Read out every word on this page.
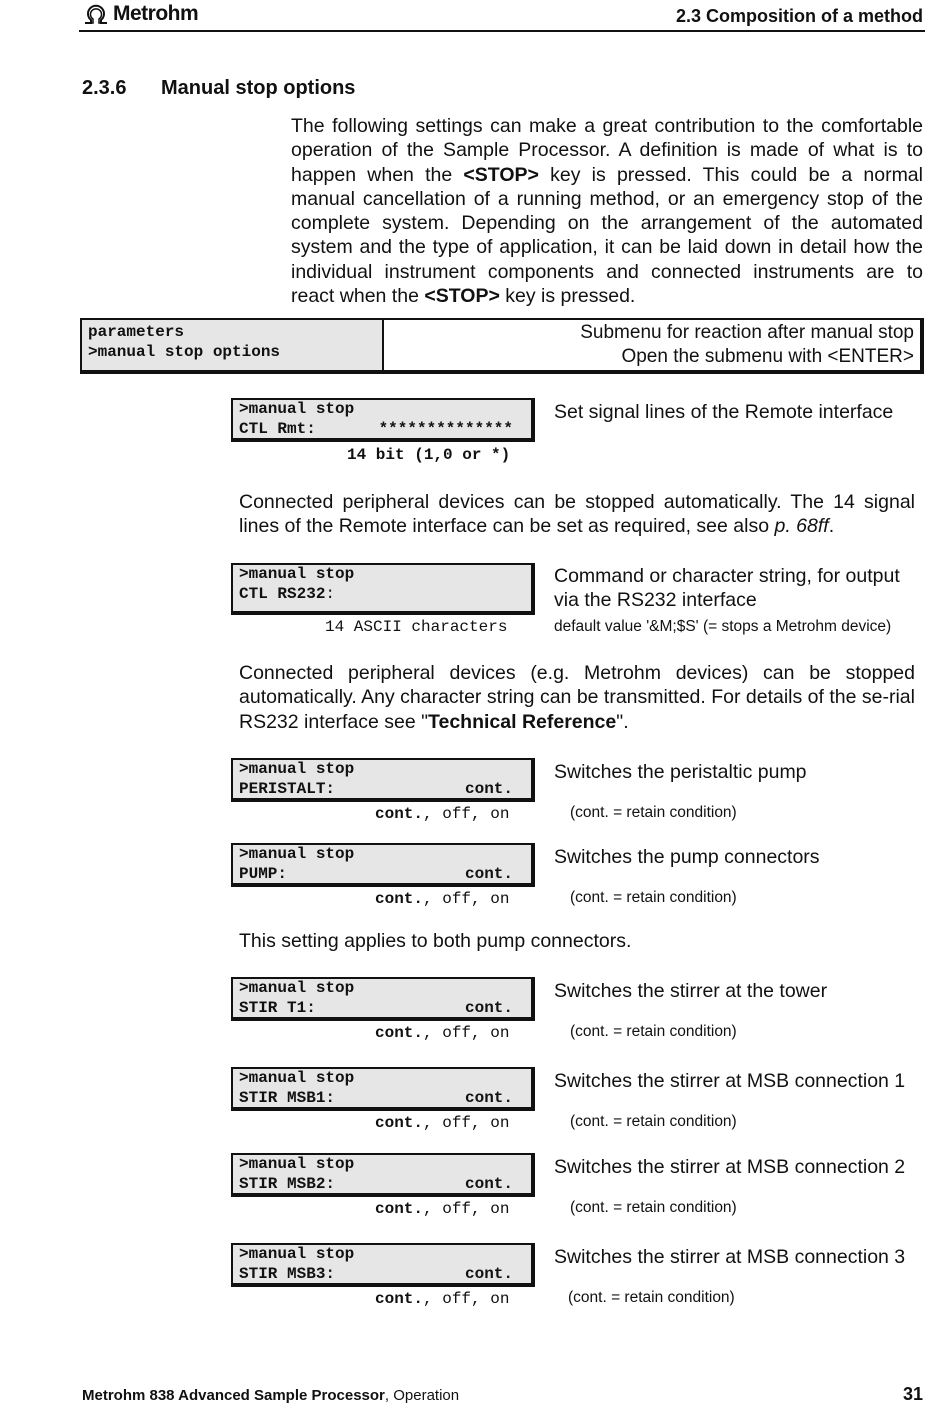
Metrohm	2.3 Composition of a method
2.3.6 Manual stop options
The following settings can make a great contribution to the comfortable operation of the Sample Processor. A definition is made of what is to happen when the <STOP> key is pressed. This could be a normal manual cancellation of a running method, or an emergency stop of the complete system. Depending on the arrangement of the automated system and the type of application, it can be laid down in detail how the individual instrument components and connected instruments are to react when the <STOP> key is pressed.
parameters
>manual stop options
Submenu for reaction after manual stop
Open the submenu with <ENTER>
>manual stop
CTL Rmt:	**************
14 bit (1,0 or *)
Set signal lines of the Remote interface
Connected peripheral devices can be stopped automatically. The 14 signal lines of the Remote interface can be set as required, see also p. 68ff.
>manual stop
CTL RS232:
14 ASCII characters
Command or character string, for output via the RS232 interface
default value '&M;$S' (= stops a Metrohm device)
Connected peripheral devices (e.g. Metrohm devices) can be stopped automatically. Any character string can be transmitted. For details of the se-rial RS232 interface see "Technical Reference".
>manual stop
PERISTALT:	cont.
cont., off, on
Switches the peristaltic pump
(cont. = retain condition)
>manual stop
PUMP:	cont.
cont., off, on
Switches the pump connectors
(cont. = retain condition)
This setting applies to both pump connectors.
>manual stop
STIR T1:	cont.
cont., off, on
Switches the stirrer at the tower
(cont. = retain condition)
>manual stop
STIR MSB1:	cont.
cont., off, on
Switches the stirrer at MSB connection 1
(cont. = retain condition)
>manual stop
STIR MSB2:	cont.
cont., off, on
Switches the stirrer at MSB connection 2
(cont. = retain condition)
>manual stop
STIR MSB3:	cont.
cont., off, on
Switches the stirrer at MSB connection 3
(cont. = retain condition)
Metrohm 838 Advanced Sample Processor, Operation	31
